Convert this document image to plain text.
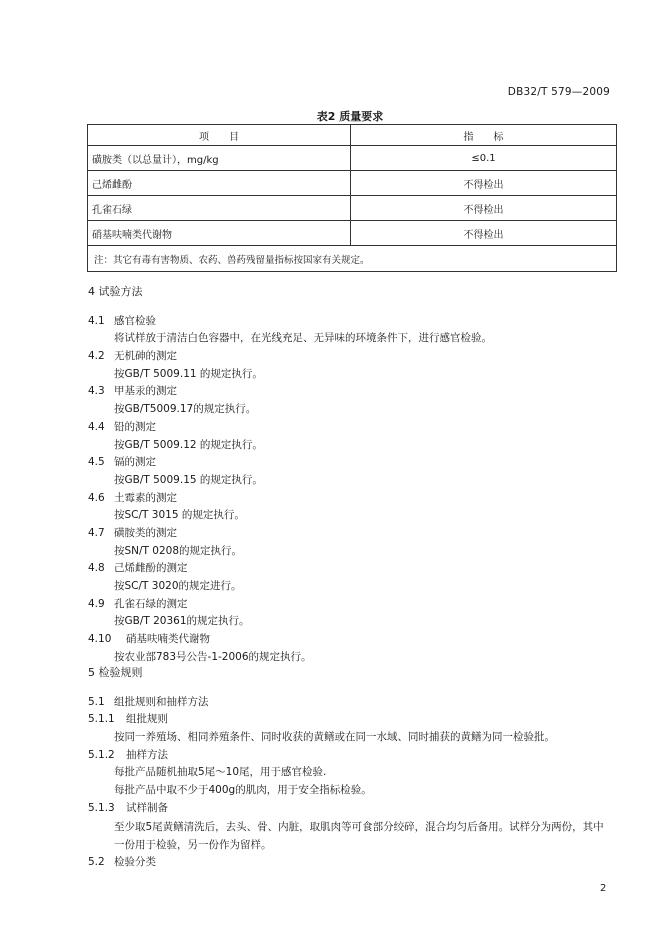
DB32/T 579—2009
表2 质量要求
项　　目	指　　标
磺胺类（以总量计），mg/kg	≤0.1
己烯雌酚	不得检出
孔雀石绿	不得检出
硝基呋喃类代谢物	不得检出
注：其它有毒有害物质、农药、兽药残留量指标按国家有关规定。	
4 试验方法
4.1 感官检验
将试样放于清洁白色容器中，在光线充足、无异味的环境条件下，进行感官检验。
4.2 无机砷的测定
按GB/T 5009.11 的规定执行。
4.3 甲基汞的测定
按GB/T5009.17的规定执行。
4.4 铅的测定
按GB/T 5009.12 的规定执行。
4.5 镉的测定
按GB/T 5009.15 的规定执行。
4.6 土霉素的测定
按SC/T 3015 的规定执行。
4.7 磺胺类的测定
按SN/T 0208的规定执行。
4.8 己烯雌酚的测定
按SC/T 3020的规定进行。
4.9 孔雀石绿的测定
按GB/T 20361的规定执行。
4.10 硝基呋喃类代谢物
按农业部783号公告-1-2006的规定执行。
5 检验规则
5.1 组批规则和抽样方法
5.1.1 组批规则
按同一养殖场、相同养殖条件、同时收获的黄鳝或在同一水域、同时捕获的黄鳝为同一检验批。
5.1.2 抽样方法
每批产品随机抽取5尾～10尾，用于感官检验.
每批产品中取不少于400g的肌肉，用于安全指标检验。
5.1.3 试样制备
至少取5尾黄鳝清洗后，去头、骨、内脏，取肌肉等可食部分绞碎，混合均匀后备用。试样分为两份，其中一份用于检验，另一份作为留样。
5.2 检验分类
2
